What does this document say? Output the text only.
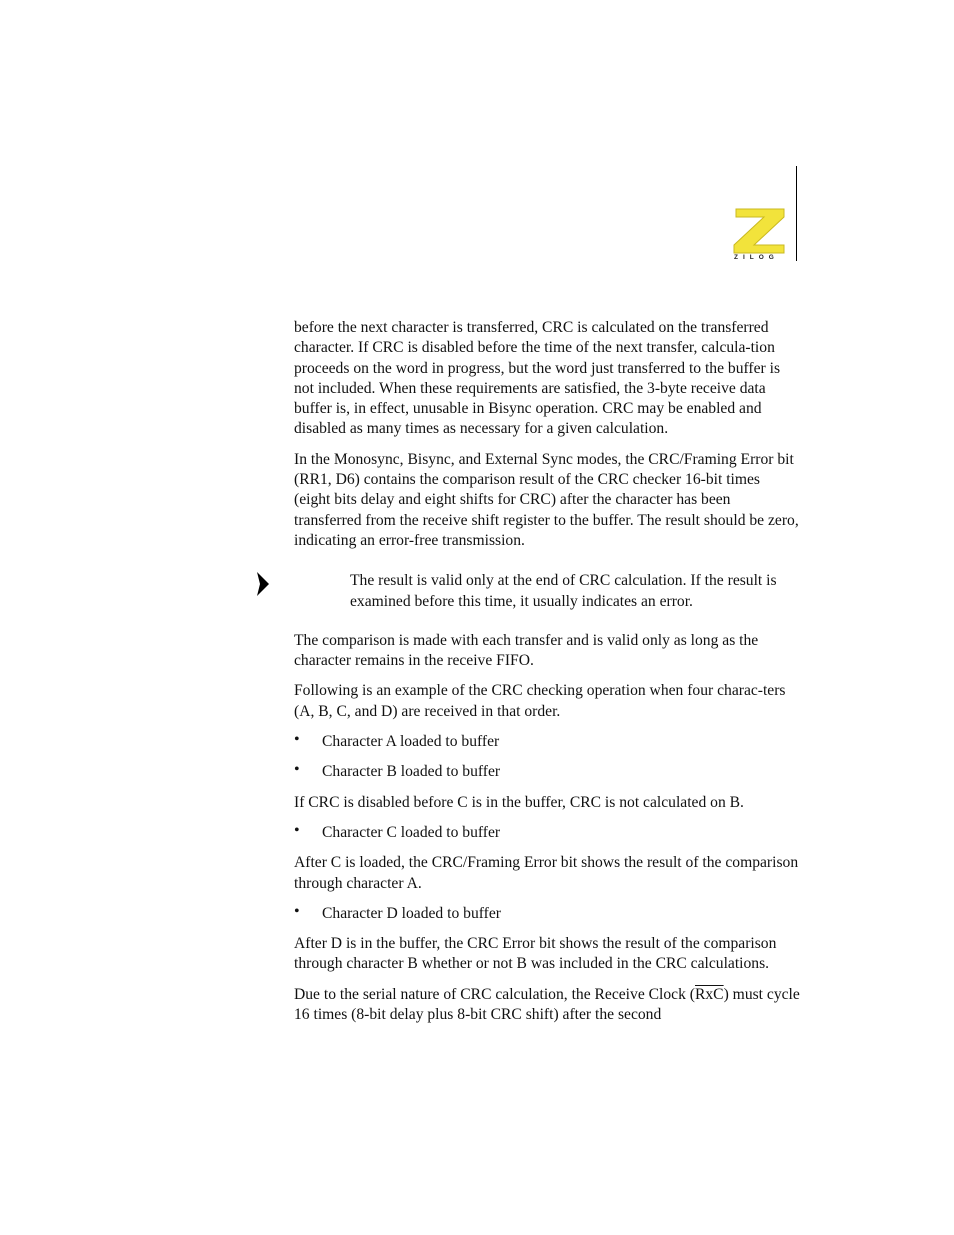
ZILOG

before the next character is transferred, CRC is calculated on the transferred character. If CRC is disabled before the time of the next transfer, calcula-tion proceeds on the word in progress, but the word just transferred to the buffer is not included. When these requirements are satisfied, the 3-byte receive data buffer is, in effect, unusable in Bisync operation. CRC may be enabled and disabled as many times as necessary for a given calculation.

In the Monosync, Bisync, and External Sync modes, the CRC/Framing Error bit (RR1, D6) contains the comparison result of the CRC checker 16-bit times (eight bits delay and eight shifts for CRC) after the character has been transferred from the receive shift register to the buffer. The result should be zero, indicating an error-free transmission.

The result is valid only at the end of CRC calculation. If the result is examined before this time, it usually indicates an error.

The comparison is made with each transfer and is valid only as long as the character remains in the receive FIFO.

Following is an example of the CRC checking operation when four charac-ters (A, B, C, and D) are received in that order.

• Character A loaded to buffer
• Character B loaded to buffer

If CRC is disabled before C is in the buffer, CRC is not calculated on B.

• Character C loaded to buffer

After C is loaded, the CRC/Framing Error bit shows the result of the comparison through character A.

• Character D loaded to buffer

After D is in the buffer, the CRC Error bit shows the result of the comparison through character B whether or not B was included in the CRC calculations.

Due to the serial nature of CRC calculation, the Receive Clock $(\overline{RxC})$ must cycle 16 times (8-bit delay plus 8-bit CRC shift) after the second
